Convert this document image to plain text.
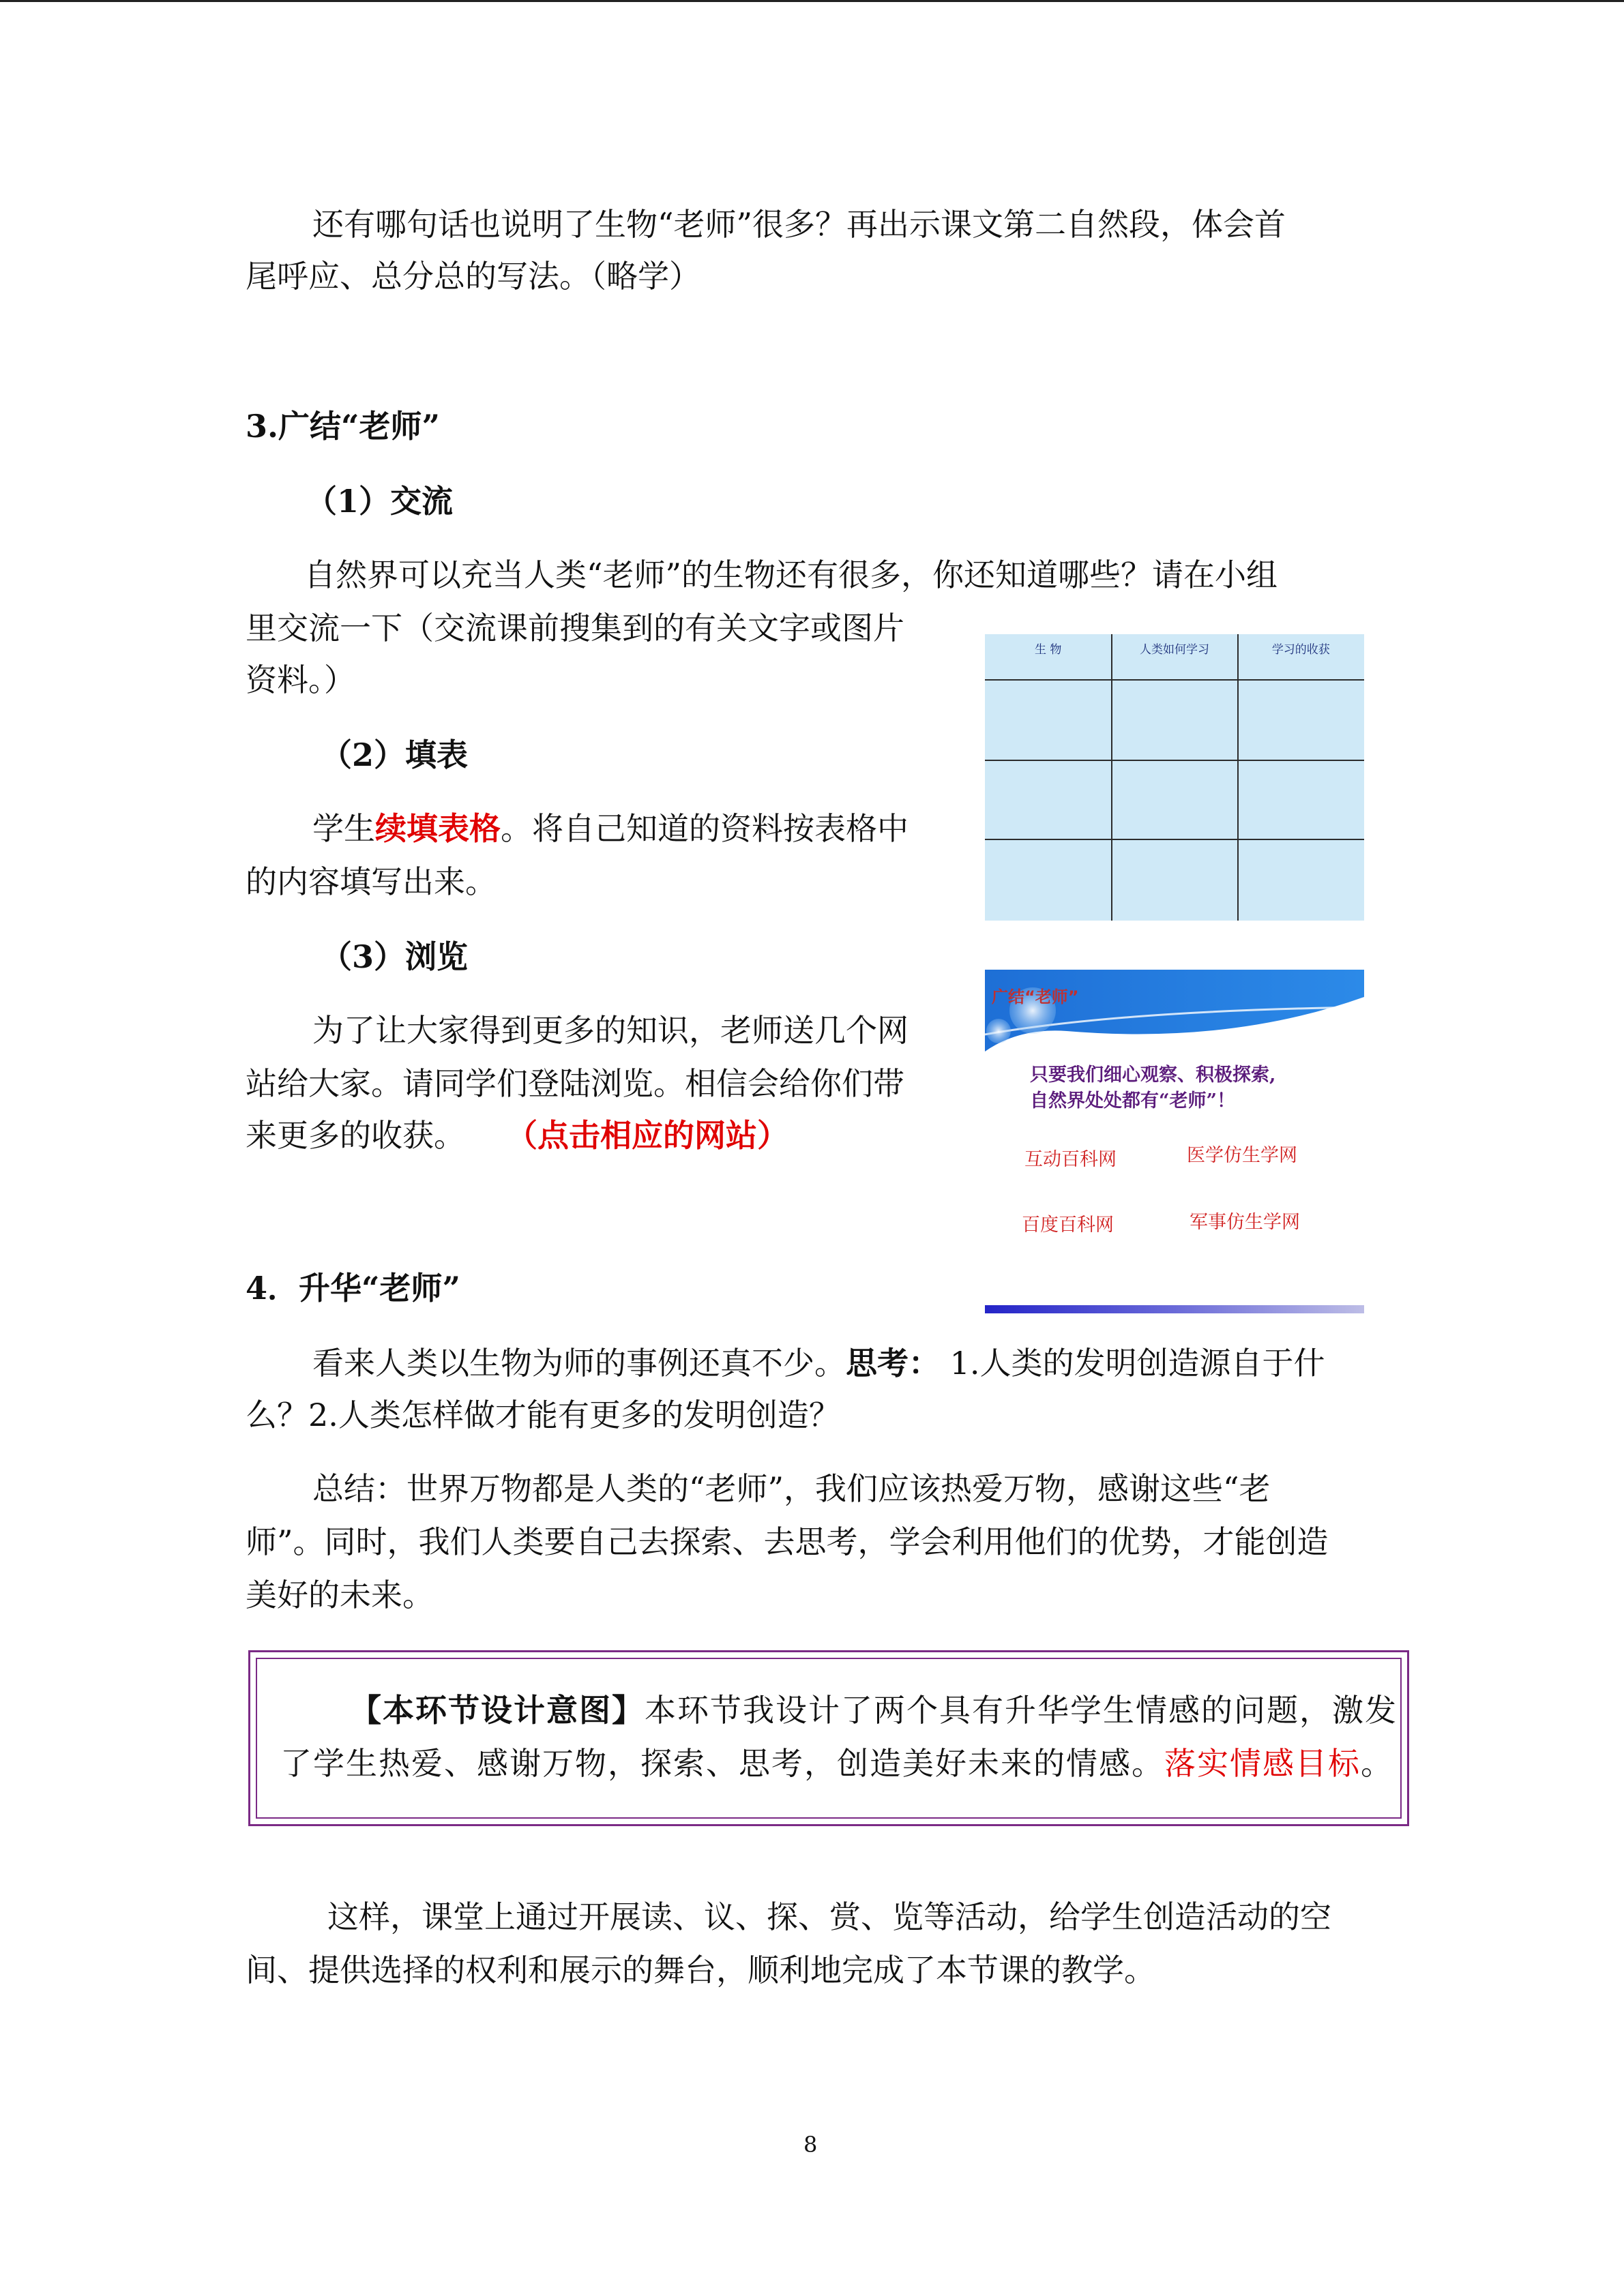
还有哪句话也说明了生物“老师”很多？再出示课文第二自然段，体会首
尾呼应、总分总的写法。（略学）
3.广结“老师”
（1）交流
自然界可以充当人类“老师”的生物还有很多，你还知道哪些？请在小组
里交流一下（交流课前搜集到的有关文字或图片
资料。）
（2）填表
学生续填表格。将自己知道的资料按表格中
的内容填写出来。
（3）浏览
为了让大家得到更多的知识，老师送几个网
站给大家。请同学们登陆浏览。相信会给你们带
来更多的收获。 （点击相应的网站）
生 物	人类如何学习	学习的收获
广结“老师”
只要我们细心观察、积极探索,
自然界处处都有“老师”！
互动百科网	医学仿生学网
百度百科网	军事仿生学网
4．升华“老师”
看来人类以生物为师的事例还真不少。思考： 1.人类的发明创造源自于什
么？2.人类怎样做才能有更多的发明创造？
总结：世界万物都是人类的“老师”，我们应该热爱万物，感谢这些“老
师”。同时，我们人类要自己去探索、去思考，学会利用他们的优势，才能创造
美好的未来。
【本环节设计意图】本环节我设计了两个具有升华学生情感的问题，激发
了学生热爱、感谢万物，探索、思考，创造美好未来的情感。落实情感目标。
这样，课堂上通过开展读、议、探、赏、览等活动，给学生创造活动的空
间、提供选择的权利和展示的舞台，顺利地完成了本节课的教学。
8
